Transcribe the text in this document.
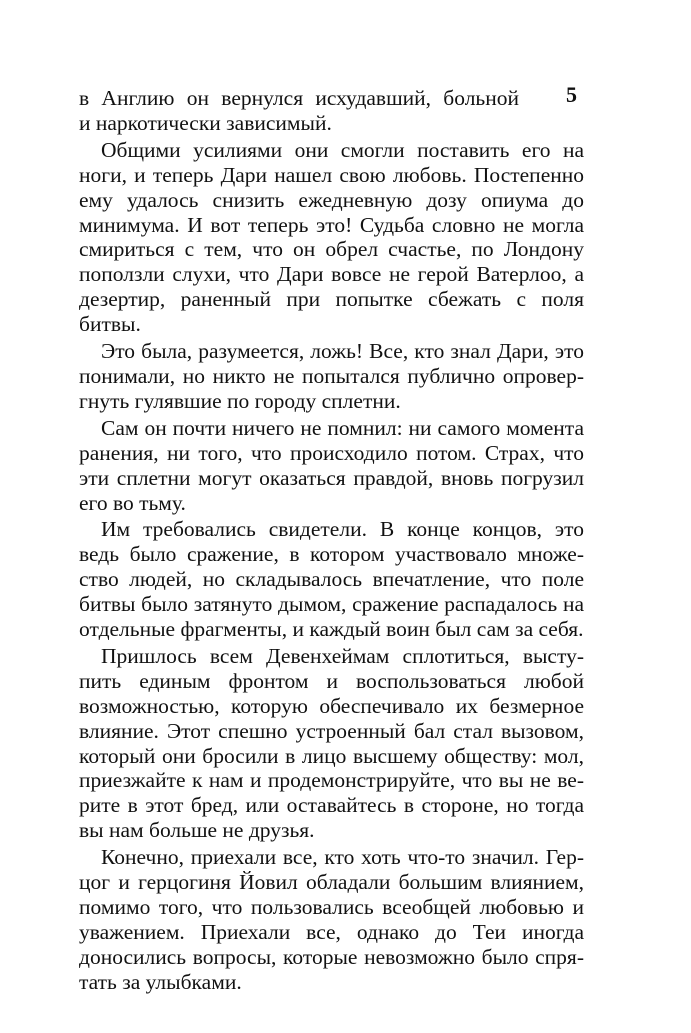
5

в Англию он вернулся исхудавший, больной
и наркотически зависимый.

Общими усилиями они смогли поставить его на ноги, и теперь Дари нашел свою любовь. Постепенно ему удалось снизить ежедневную дозу опиума до минимума. И вот теперь это! Судьба словно не могла смириться с тем, что он обрел счастье, по Лондону поползли слухи, что Дари вовсе не герой Ватерлоо, а дезертир, раненный при попытке сбежать с поля битвы.

Это была, разумеется, ложь! Все, кто знал Дари, это понимали, но никто не попытался публично опровергнуть гулявшие по городу сплетни.

Сам он почти ничего не помнил: ни самого момента ранения, ни того, что происходило потом. Страх, что эти сплетни могут оказаться правдой, вновь погрузил его во тьму.

Им требовались свидетели. В конце концов, это ведь было сражение, в котором участвовало множество людей, но складывалось впечатление, что поле битвы было затянуто дымом, сражение распадалось на отдельные фрагменты, и каждый воин был сам за себя.

Пришлось всем Девенхеймам сплотиться, выступить единым фронтом и воспользоваться любой возможностью, которую обеспечивало их безмерное влияние. Этот спешно устроенный бал стал вызовом, который они бросили в лицо высшему обществу: мол, приезжайте к нам и продемонстрируйте, что вы не верите в этот бред, или оставайтесь в стороне, но тогда вы нам больше не друзья.

Конечно, приехали все, кто хоть что-то значил. Герцог и герцогиня Йовил обладали большим влиянием, помимо того, что пользовались всеобщей любовью и уважением. Приехали все, однако до Теи иногда доносились вопросы, которые невозможно было спрятать за улыбками.
